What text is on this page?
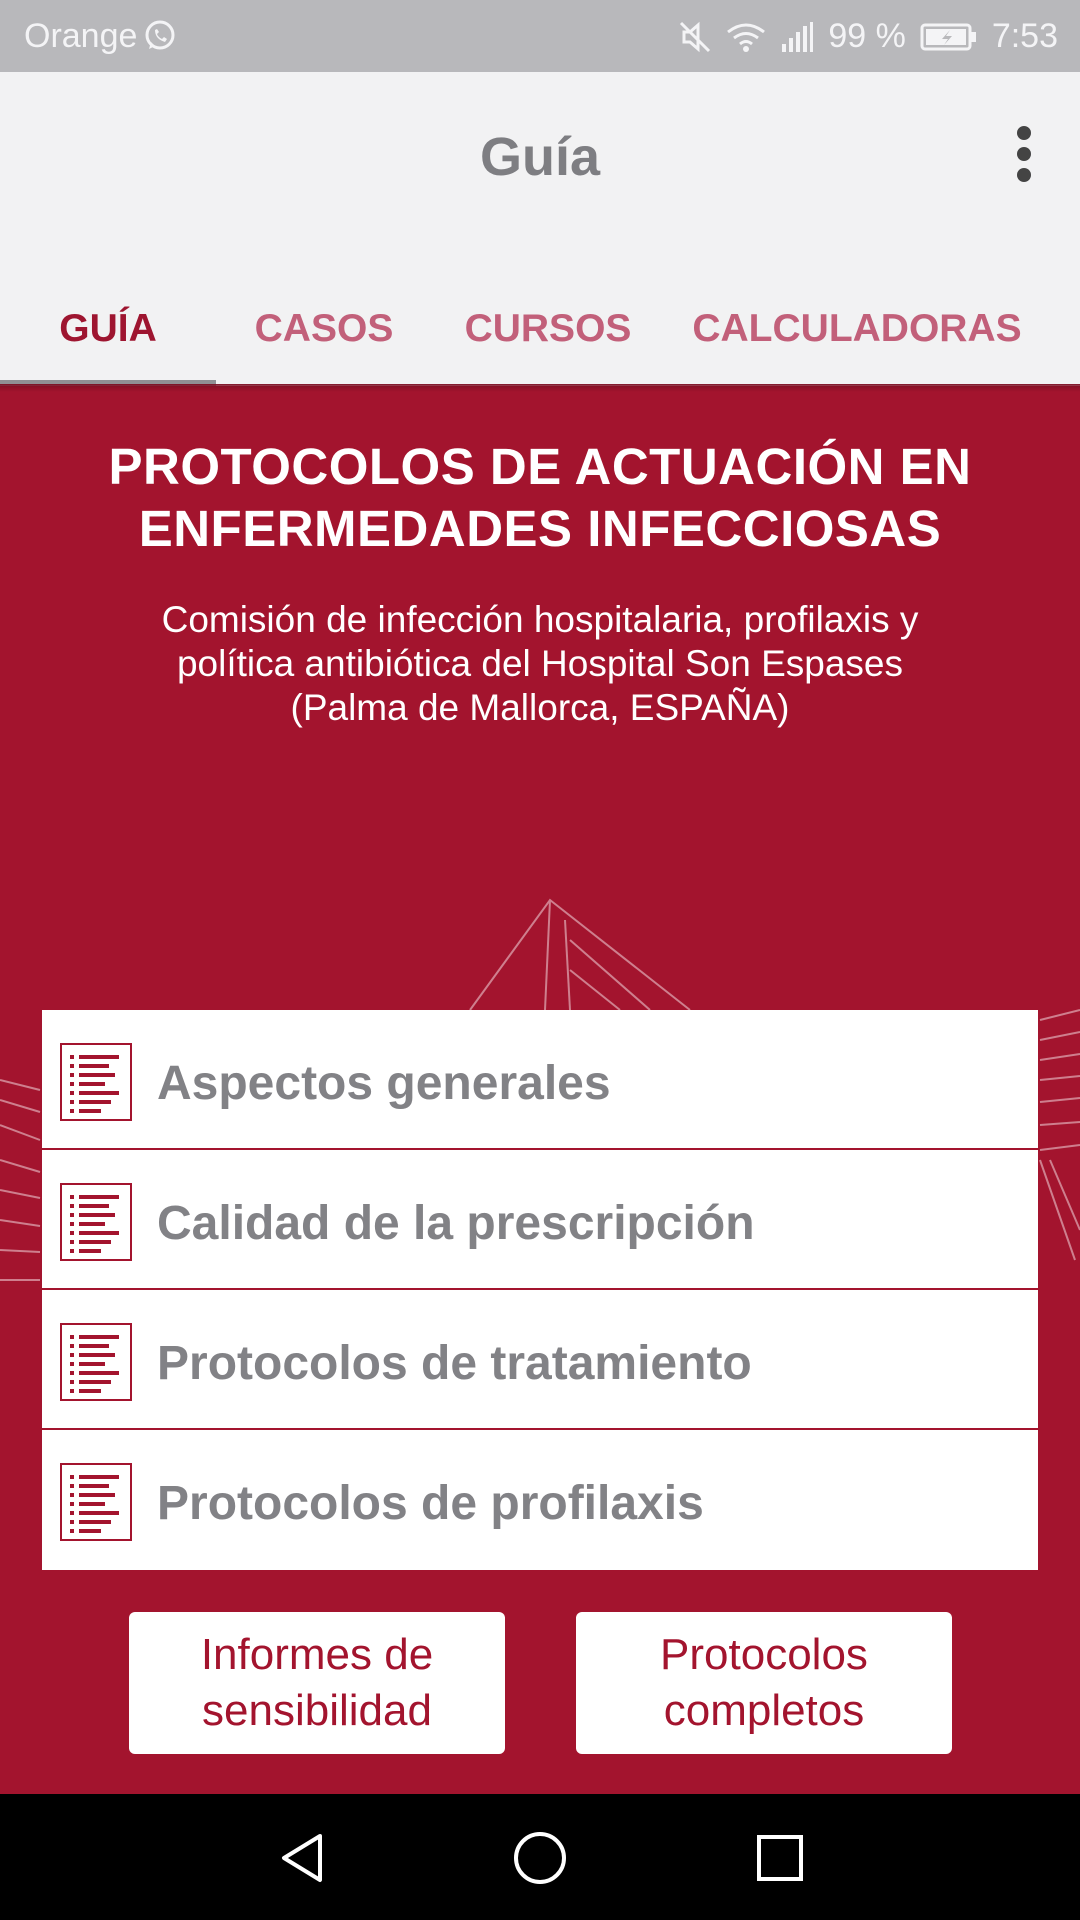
Orange	99 %	7:53
Guía
GUÍA	CASOS	CURSOS	CALCULADORAS
PROTOCOLOS DE ACTUACIÓN EN
ENFERMEDADES INFECCIOSAS
Comisión de infección hospitalaria, profilaxis y
política antibiótica del Hospital Son Espases
(Palma de Mallorca, ESPAÑA)
Aspectos generales
Calidad de la prescripción
Protocolos de tratamiento
Protocolos de profilaxis
Informes de
sensibilidad
Protocolos
completos
